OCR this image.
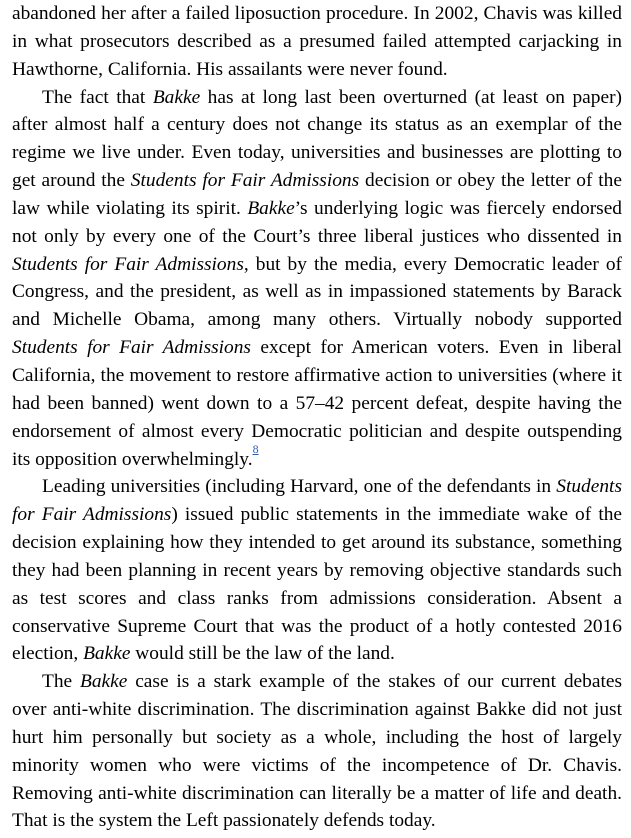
abandoned her after a failed liposuction procedure. In 2002, Chavis was killed in what prosecutors described as a presumed failed attempted carjacking in Hawthorne, California. His assailants were never found.

The fact that Bakke has at long last been overturned (at least on paper) after almost half a century does not change its status as an exemplar of the regime we live under. Even today, universities and businesses are plotting to get around the Students for Fair Admissions decision or obey the letter of the law while violating its spirit. Bakke’s underlying logic was fiercely endorsed not only by every one of the Court’s three liberal justices who dissented in Students for Fair Admissions, but by the media, every Democratic leader of Congress, and the president, as well as in impassioned statements by Barack and Michelle Obama, among many others. Virtually nobody supported Students for Fair Admissions except for American voters. Even in liberal California, the movement to restore affirmative action to universities (where it had been banned) went down to a 57–42 percent defeat, despite having the endorsement of almost every Democratic politician and despite outspending its opposition overwhelmingly.$^8$

Leading universities (including Harvard, one of the defendants in Students for Fair Admissions) issued public statements in the immediate wake of the decision explaining how they intended to get around its substance, something they had been planning in recent years by removing objective standards such as test scores and class ranks from admissions consideration. Absent a conservative Supreme Court that was the product of a hotly contested 2016 election, Bakke would still be the law of the land.

The Bakke case is a stark example of the stakes of our current debates over anti-white discrimination. The discrimination against Bakke did not just hurt him personally but society as a whole, including the host of largely minority women who were victims of the incompetence of Dr. Chavis. Removing anti-white discrimination can literally be a matter of life and death. That is the system the Left passionately defends today.
